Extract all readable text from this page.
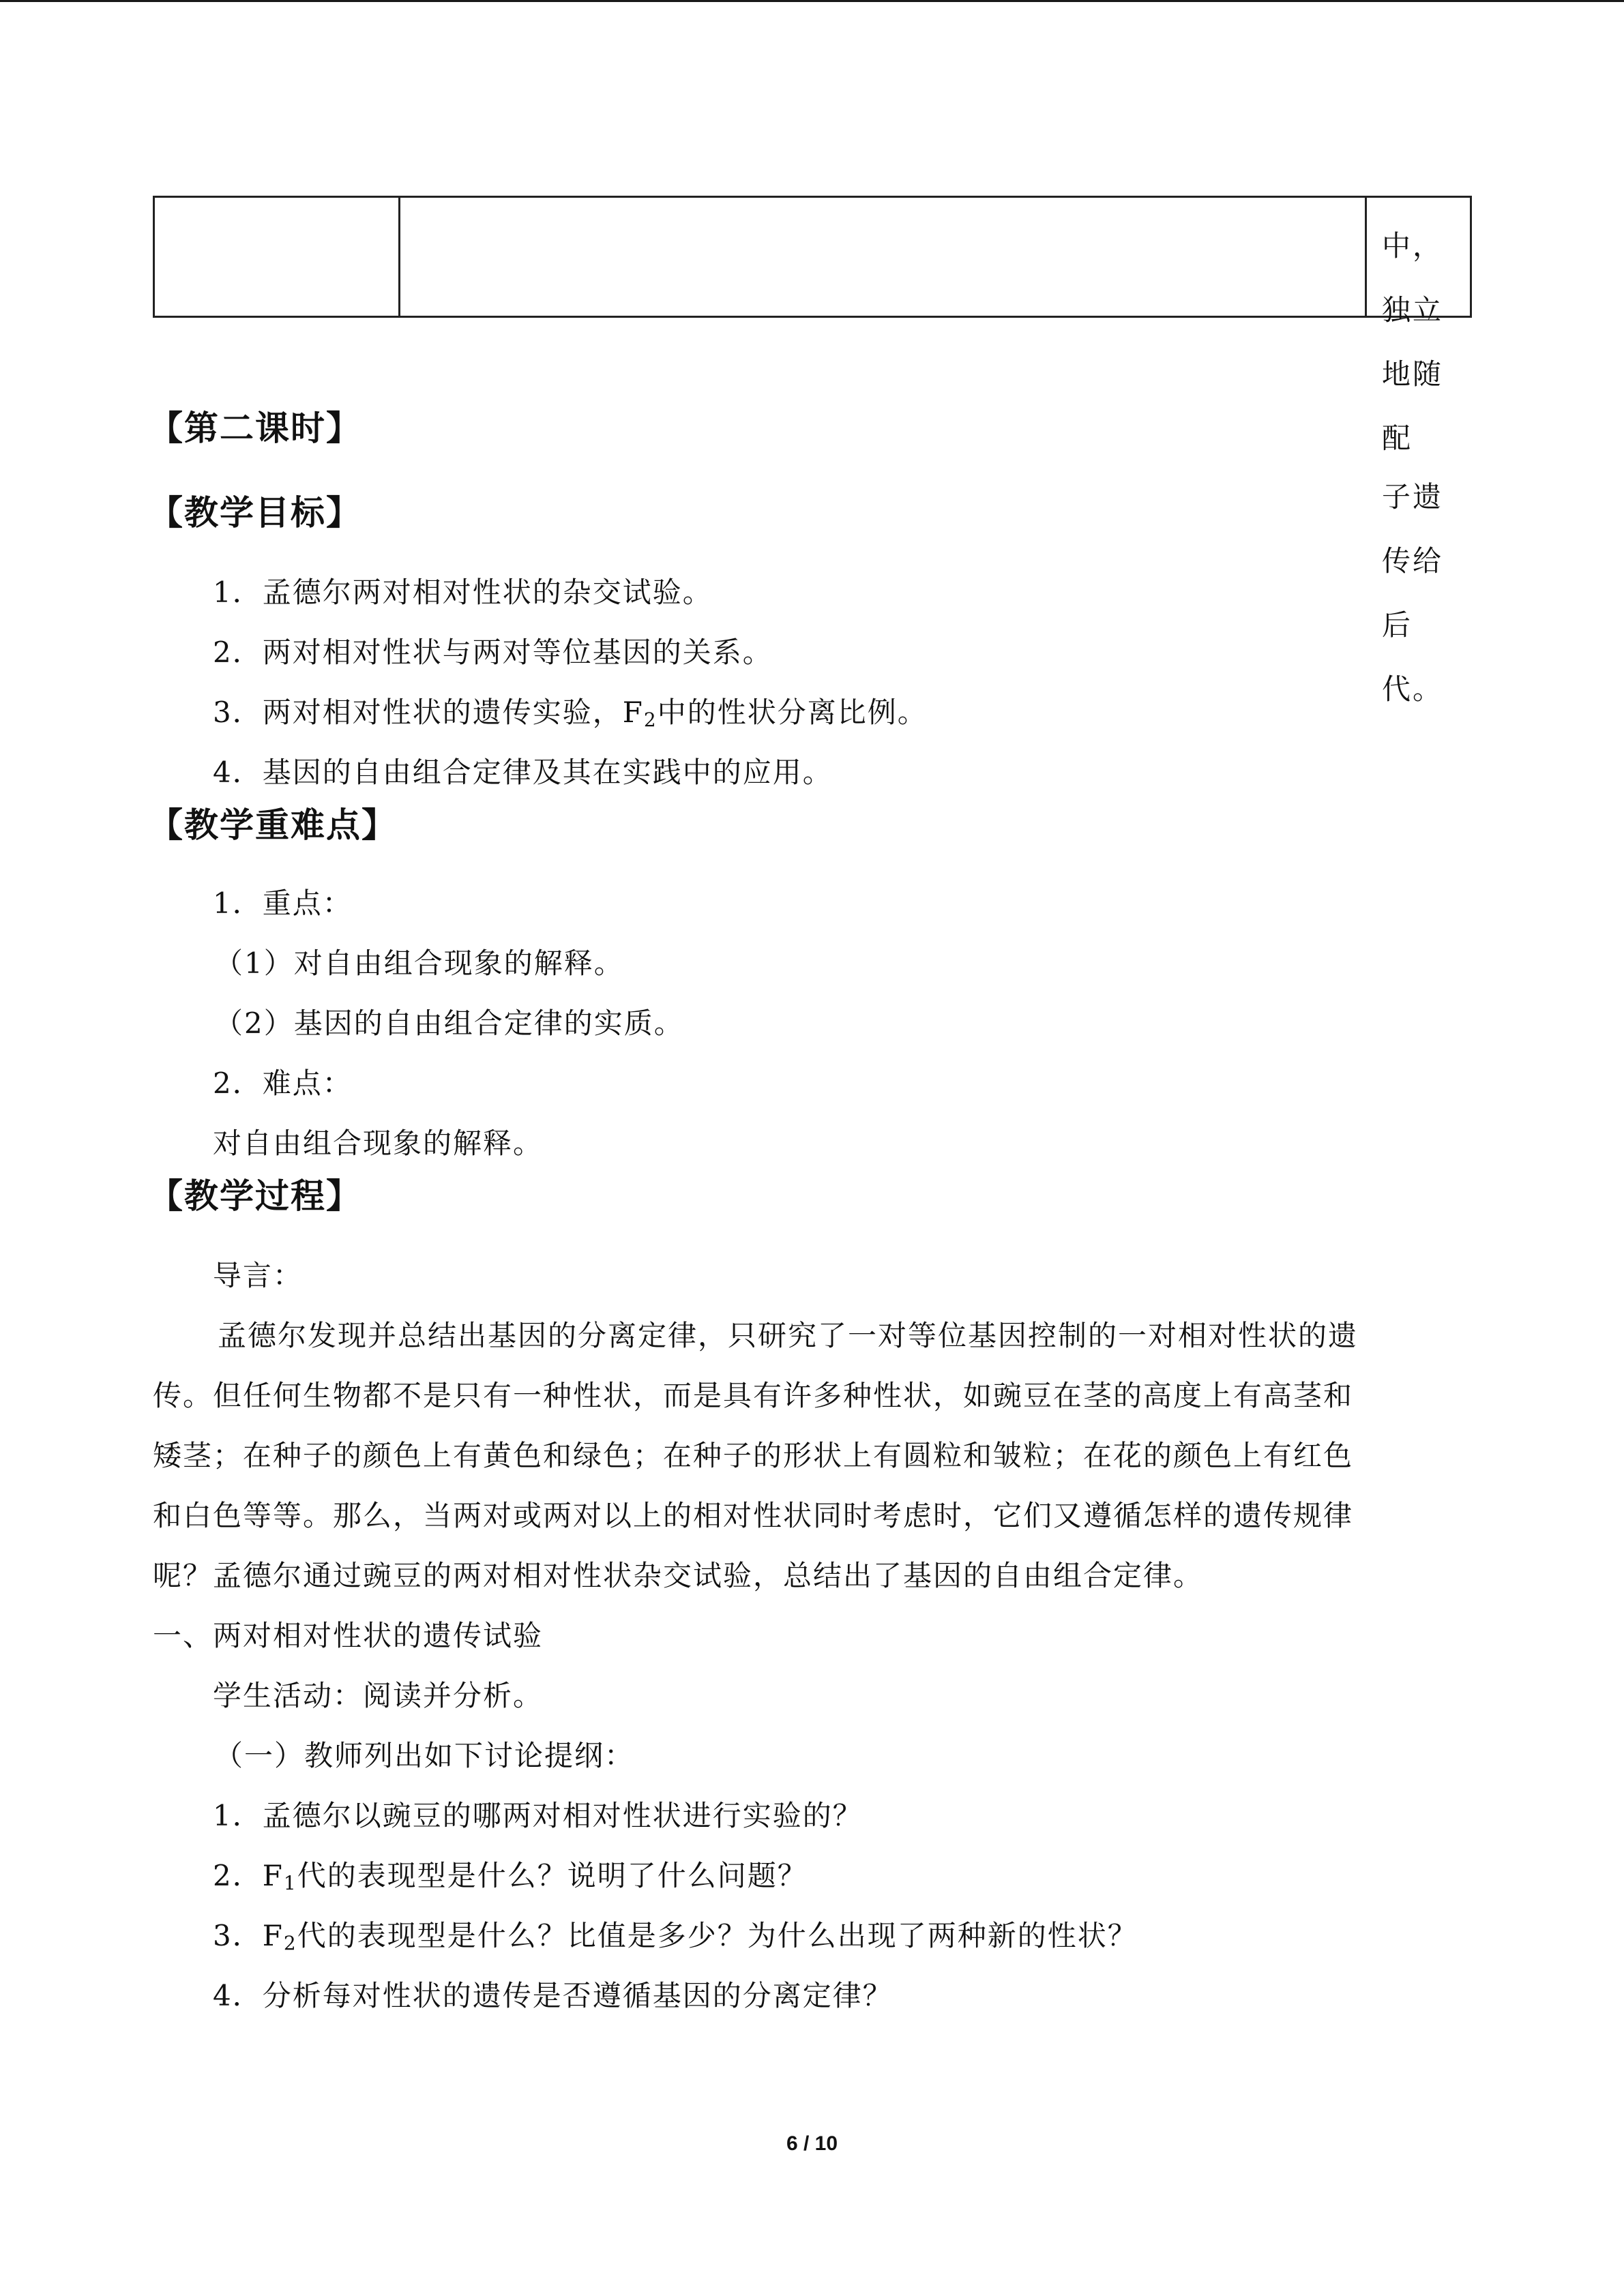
中，独立地随配

子遗传给后代。

【第二课时】
【教学目标】

1．孟德尔两对相对性状的杂交试验。

2．两对相对性状与两对等位基因的关系。

3．两对相对性状的遗传实验，$F_2$中的性状分离比例。

4．基因的自由组合定律及其在实践中的应用。

【教学重难点】

1．重点：

（1）对自由组合现象的解释。

（2）基因的自由组合定律的实质。

2．难点：

对自由组合现象的解释。

【教学过程】

导言：

孟德尔发现并总结出基因的分离定律，只研究了一对等位基因控制的一对相对性状的遗

传。但任何生物都不是只有一种性状，而是具有许多种性状，如豌豆在茎的高度上有高茎和

矮茎；在种子的颜色上有黄色和绿色；在种子的形状上有圆粒和皱粒；在花的颜色上有红色

和白色等等。那么，当两对或两对以上的相对性状同时考虑时，它们又遵循怎样的遗传规律

呢？孟德尔通过豌豆的两对相对性状杂交试验，总结出了基因的自由组合定律。

一、两对相对性状的遗传试验

学生活动：阅读并分析。

（一）教师列出如下讨论提纲：

1．孟德尔以豌豆的哪两对相对性状进行实验的？

2．$F_1$代的表现型是什么？说明了什么问题？

3．$F_2$代的表现型是什么？比值是多少？为什么出现了两种新的性状？

4．分析每对性状的遗传是否遵循基因的分离定律？

6 / 10
